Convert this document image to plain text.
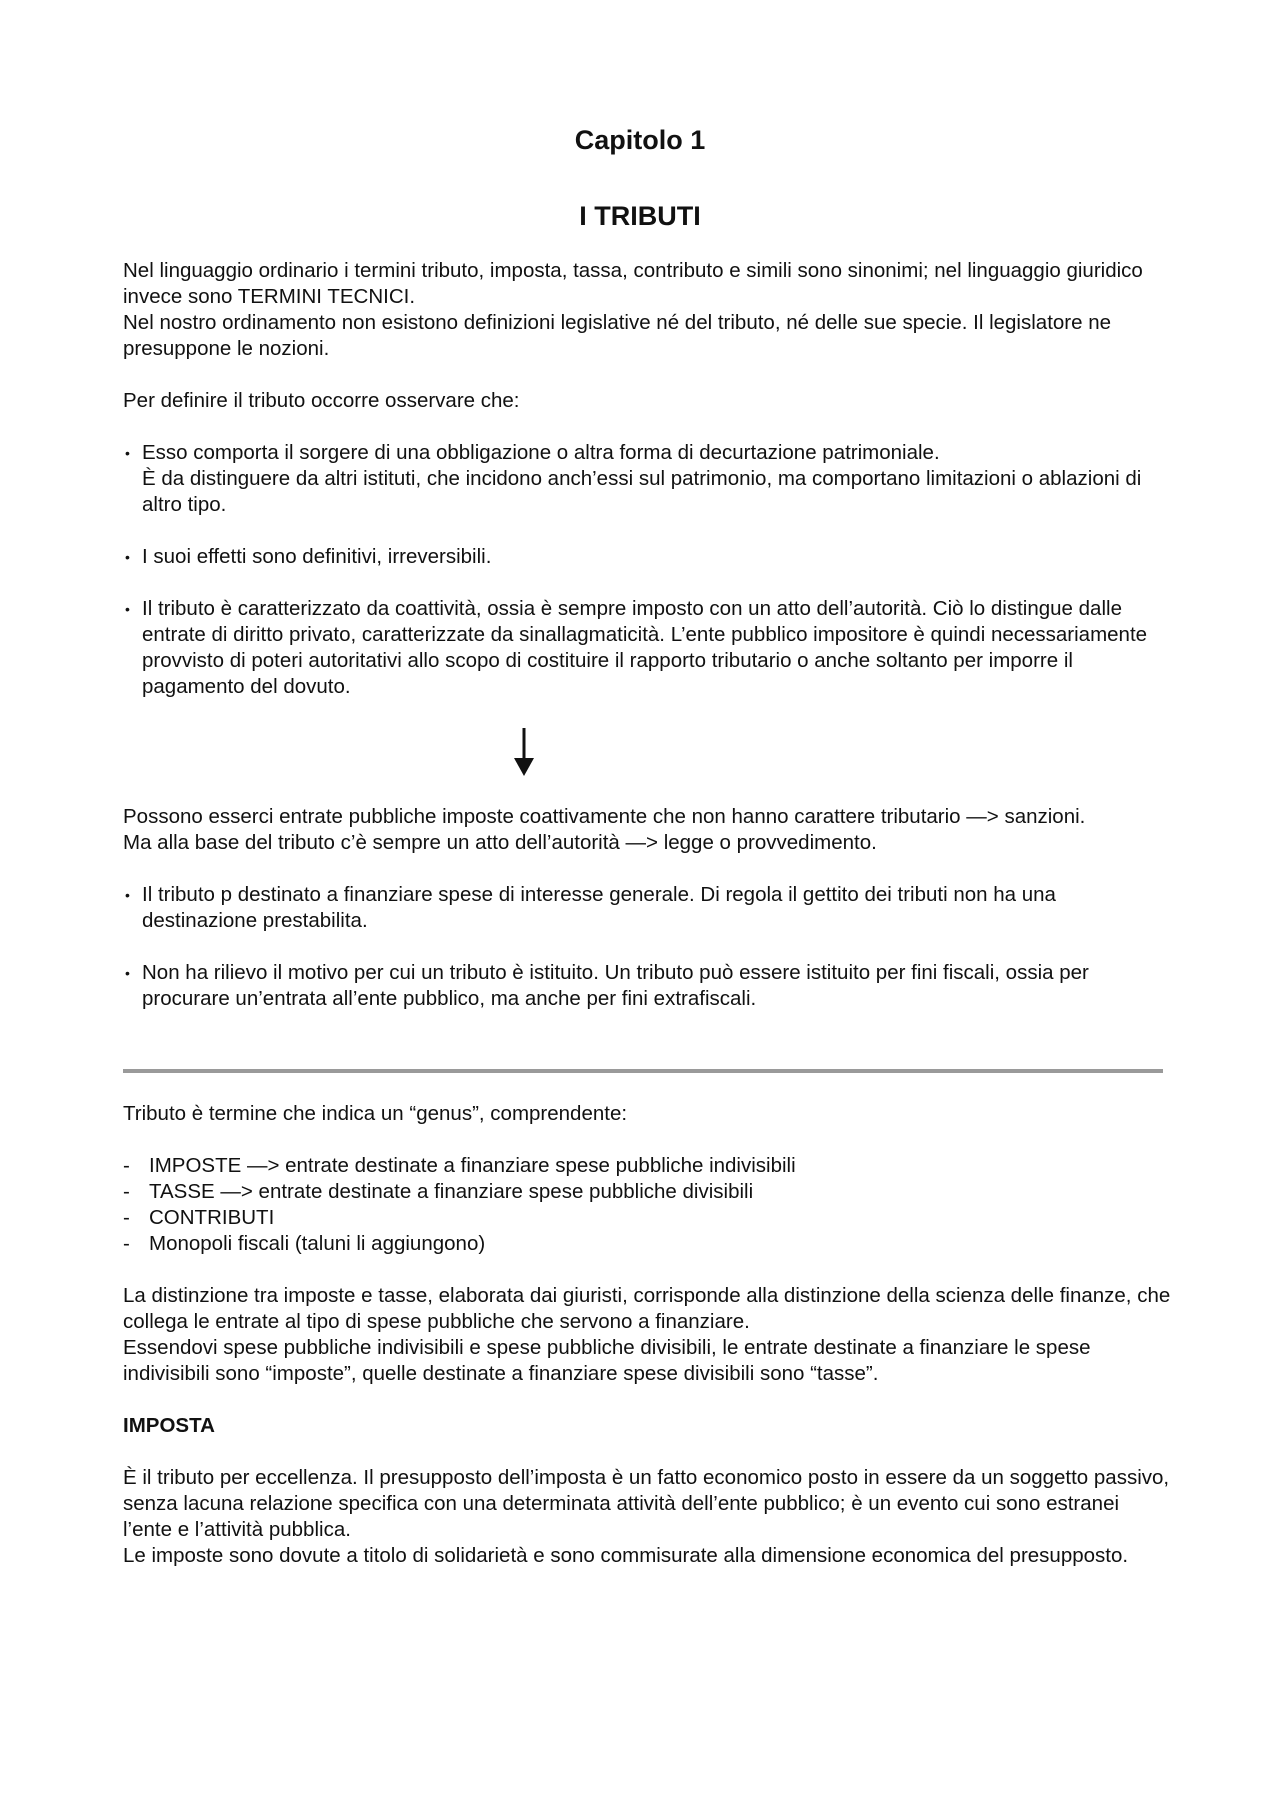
Capitolo 1
I TRIBUTI

Nel linguaggio ordinario i termini tributo, imposta, tassa, contributo e simili sono sinonimi; nel linguaggio giuridico invece sono TERMINI TECNICI.

Nel nostro ordinamento non esistono definizioni legislative né del tributo, né delle sue specie. Il legislatore ne presuppone le nozioni.

Per definire il tributo occorre osservare che:

• Esso comporta il sorgere di una obbligazione o altra forma di decurtazione patrimoniale.
È da distinguere da altri istituti, che incidono anch’essi sul patrimonio, ma comportano limitazioni o ablazioni di altro tipo.
• I suoi effetti sono definitivi, irreversibili.
• Il tributo è caratterizzato da coattività, ossia è sempre imposto con un atto dell’autorità. Ciò lo distingue dalle entrate di diritto privato, caratterizzate da sinallagmaticità. L’ente pubblico impositore è quindi necessariamente provvisto di poteri autoritativi allo scopo di costituire il rapporto tributario o anche soltanto per imporre il pagamento del dovuto.

Possono esserci entrate pubbliche imposte coattivamente che non hanno carattere tributario —> sanzioni.

Ma alla base del tributo c’è sempre un atto dell’autorità —> legge o provvedimento.

• Il tributo p destinato a finanziare spese di interesse generale. Di regola il gettito dei tributi non ha una destinazione prestabilita.
• Non ha rilievo il motivo per cui un tributo è istituito. Un tributo può essere istituito per fini fiscali, ossia per procurare un’entrata all’ente pubblico, ma anche per fini extrafiscali.

Tributo è termine che indica un “genus”, comprendente:

- IMPOSTE —> entrate destinate a finanziare spese pubbliche indivisibili
- TASSE —> entrate destinate a finanziare spese pubbliche divisibili
- CONTRIBUTI
- Monopoli fiscali (taluni li aggiungono)

La distinzione tra imposte e tasse, elaborata dai giuristi, corrisponde alla distinzione della scienza delle finanze, che collega le entrate al tipo di spese pubbliche che servono a finanziare.

Essendovi spese pubbliche indivisibili e spese pubbliche divisibili, le entrate destinate a finanziare le spese indivisibili sono “imposte”, quelle destinate a finanziare spese divisibili sono “tasse”.

IMPOSTA

È il tributo per eccellenza. Il presupposto dell’imposta è un fatto economico posto in essere da un soggetto passivo, senza lacuna relazione specifica con una determinata attività dell’ente pubblico; è un evento cui sono estranei l’ente e l’attività pubblica.

Le imposte sono dovute a titolo di solidarietà e sono commisurate alla dimensione economica del presupposto.
